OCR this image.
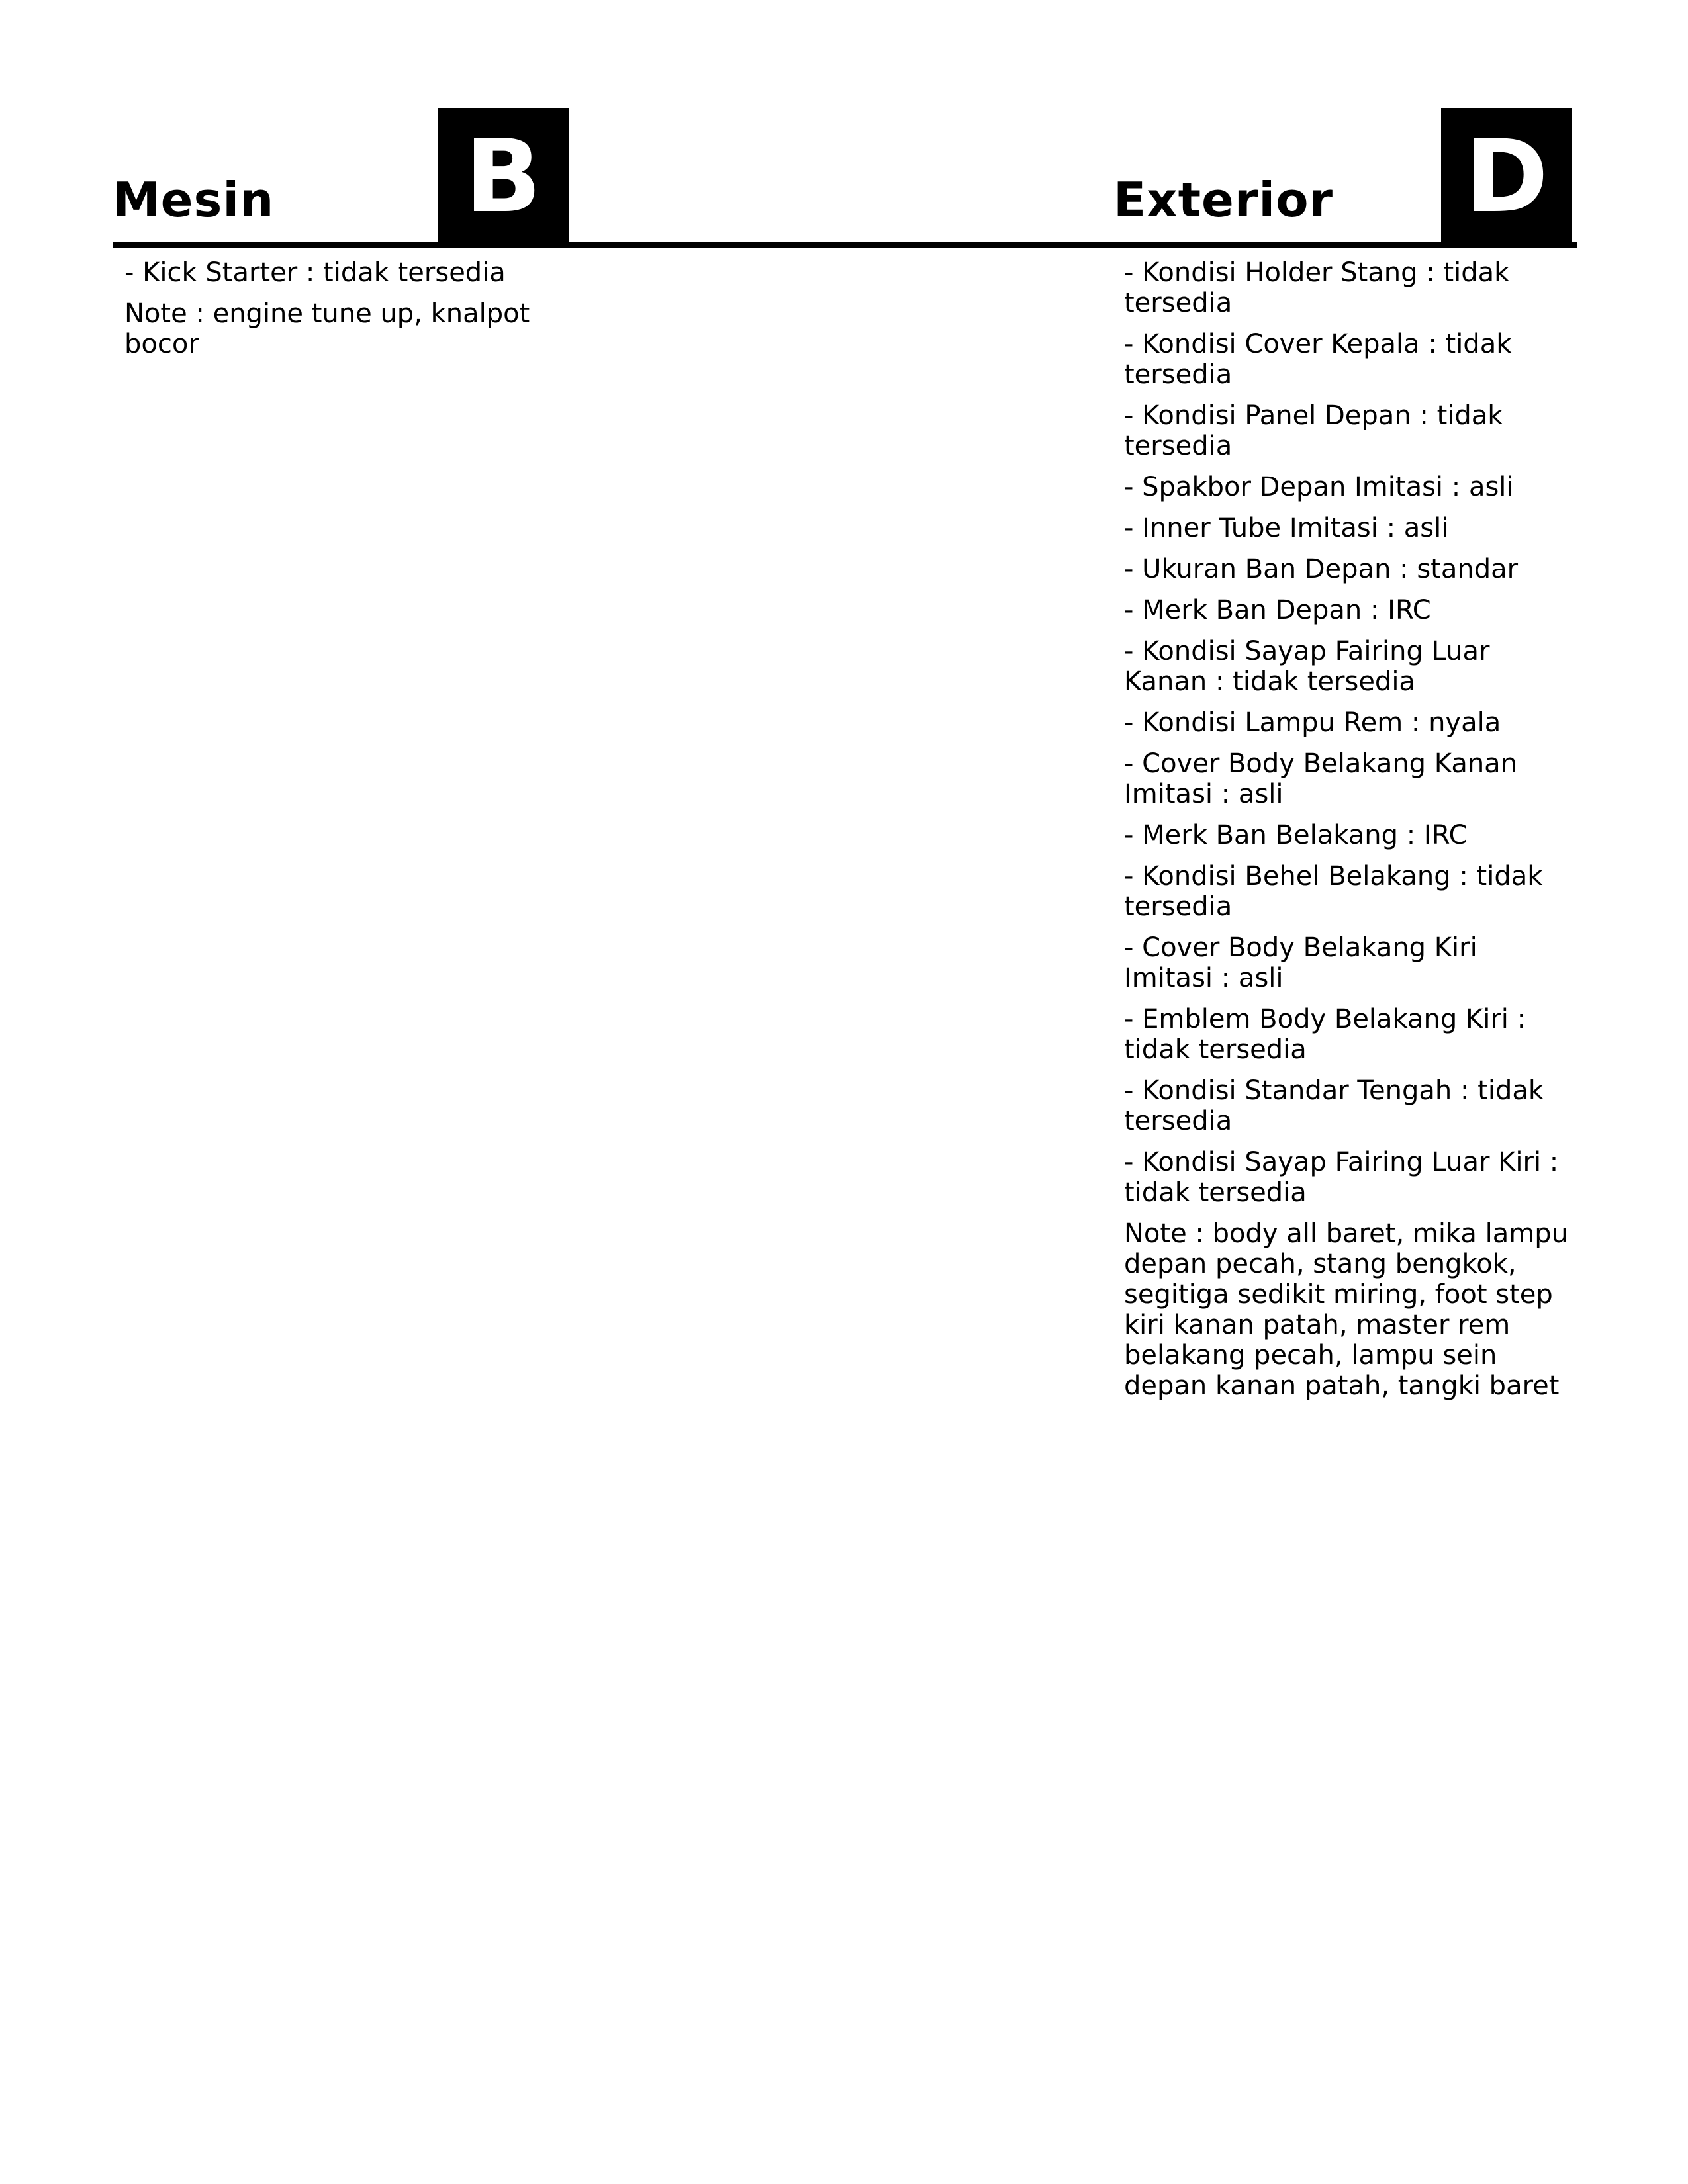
Mesin B
- Kick Starter : tidak tersedia
Note : engine tune up, knalpot bocor
Exterior D
- Kondisi Holder Stang : tidak tersedia
- Kondisi Cover Kepala : tidak tersedia
- Kondisi Panel Depan : tidak tersedia
- Spakbor Depan Imitasi : asli
- Inner Tube Imitasi : asli
- Ukuran Ban Depan : standar
- Merk Ban Depan : IRC
- Kondisi Sayap Fairing Luar Kanan : tidak tersedia
- Kondisi Lampu Rem : nyala
- Cover Body Belakang Kanan Imitasi : asli
- Merk Ban Belakang : IRC
- Kondisi Behel Belakang : tidak tersedia
- Cover Body Belakang Kiri Imitasi : asli
- Emblem Body Belakang Kiri : tidak tersedia
- Kondisi Standar Tengah : tidak tersedia
- Kondisi Sayap Fairing Luar Kiri : tidak tersedia
Note : body all baret, mika lampu depan pecah, stang bengkok, segitiga sedikit miring, foot step kiri kanan patah, master rem belakang pecah, lampu sein depan kanan patah, tangki baret
